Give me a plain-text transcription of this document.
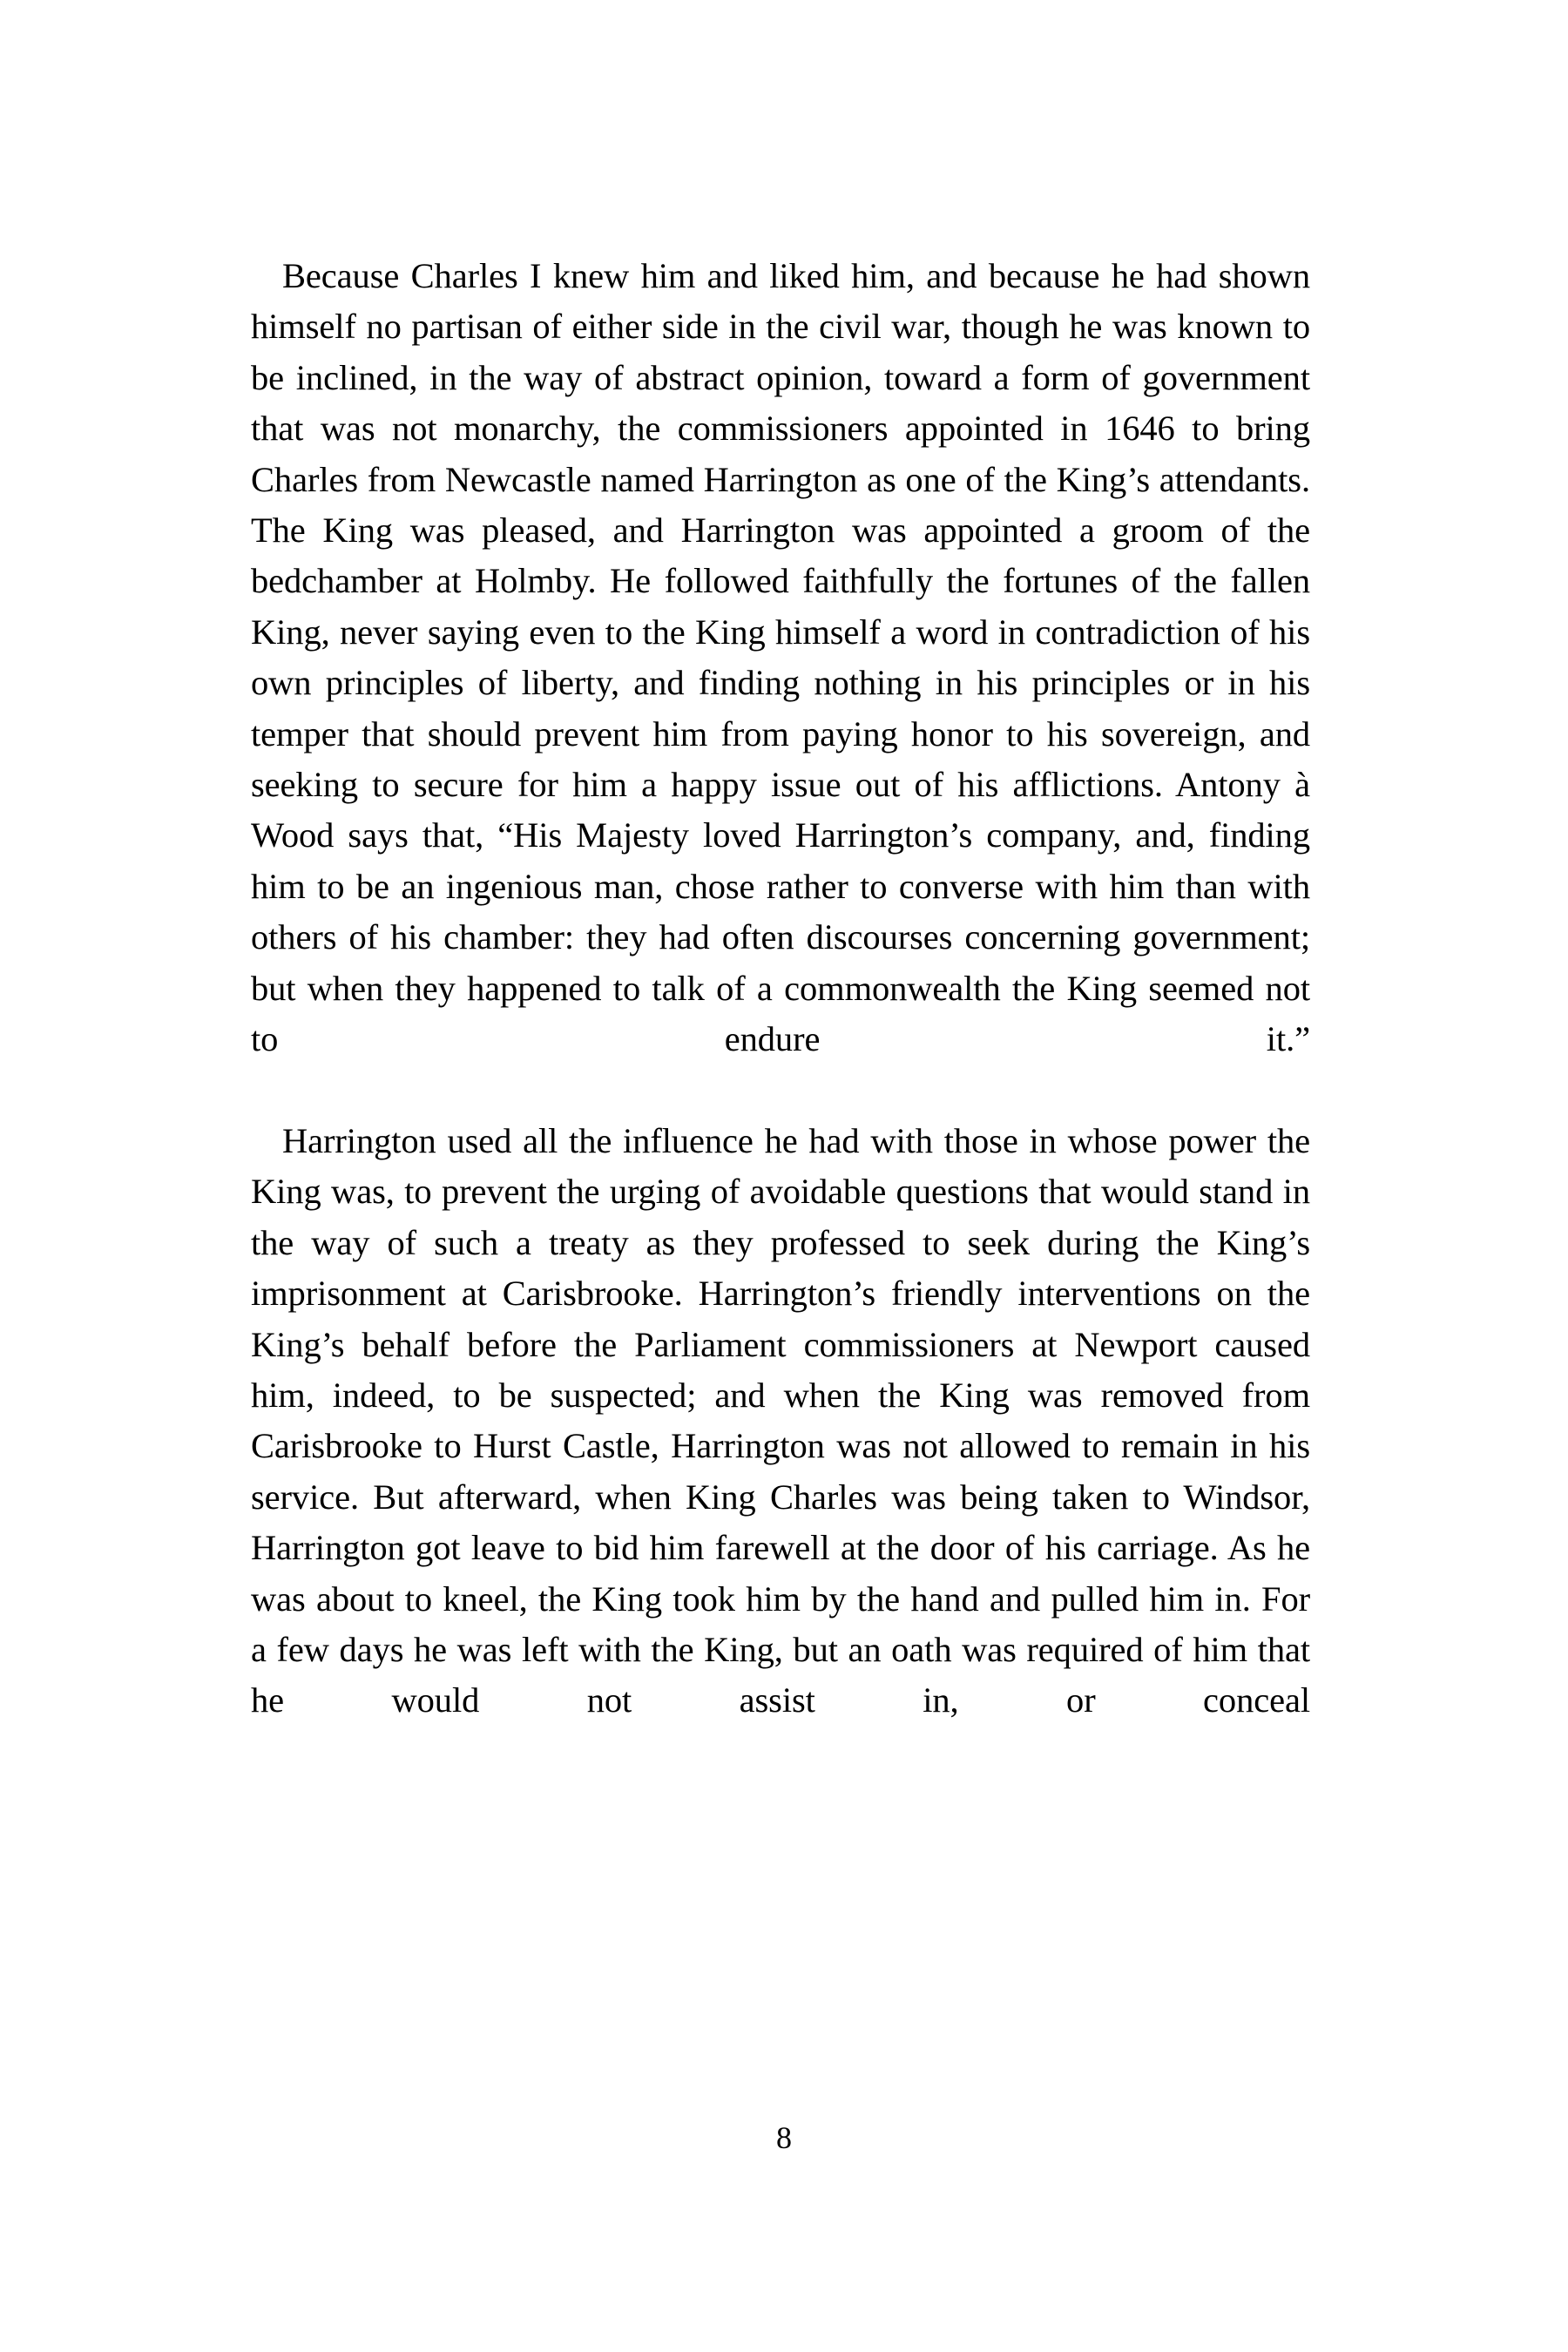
Because Charles I knew him and liked him, and because he had shown himself no partisan of either side in the civil war, though he was known to be inclined, in the way of abstract opinion, toward a form of government that was not monarchy, the commissioners appointed in 1646 to bring Charles from Newcastle named Harrington as one of the King’s attendants. The King was pleased, and Harrington was appointed a groom of the bedchamber at Holmby. He followed faithfully the fortunes of the fallen King, never saying even to the King himself a word in contradiction of his own principles of liberty, and finding nothing in his principles or in his temper that should prevent him from paying honor to his sovereign, and seeking to secure for him a happy issue out of his afflictions. Antony à Wood says that, “His Majesty loved Harrington’s company, and, finding him to be an ingenious man, chose rather to converse with him than with others of his chamber: they had often discourses concerning government; but when they happened to talk of a commonwealth the King seemed not to endure it.”

Harrington used all the influence he had with those in whose power the King was, to prevent the urging of avoidable questions that would stand in the way of such a treaty as they professed to seek during the King’s imprisonment at Carisbrooke. Harrington’s friendly interventions on the King’s behalf before the Parliament commissioners at Newport caused him, indeed, to be suspected; and when the King was removed from Carisbrooke to Hurst Castle, Harrington was not allowed to remain in his service. But afterward, when King Charles was being taken to Windsor, Harrington got leave to bid him farewell at the door of his carriage. As he was about to kneel, the King took him by the hand and pulled him in. For a few days he was left with the King, but an oath was required of him that he would not assist in, or conceal

8
